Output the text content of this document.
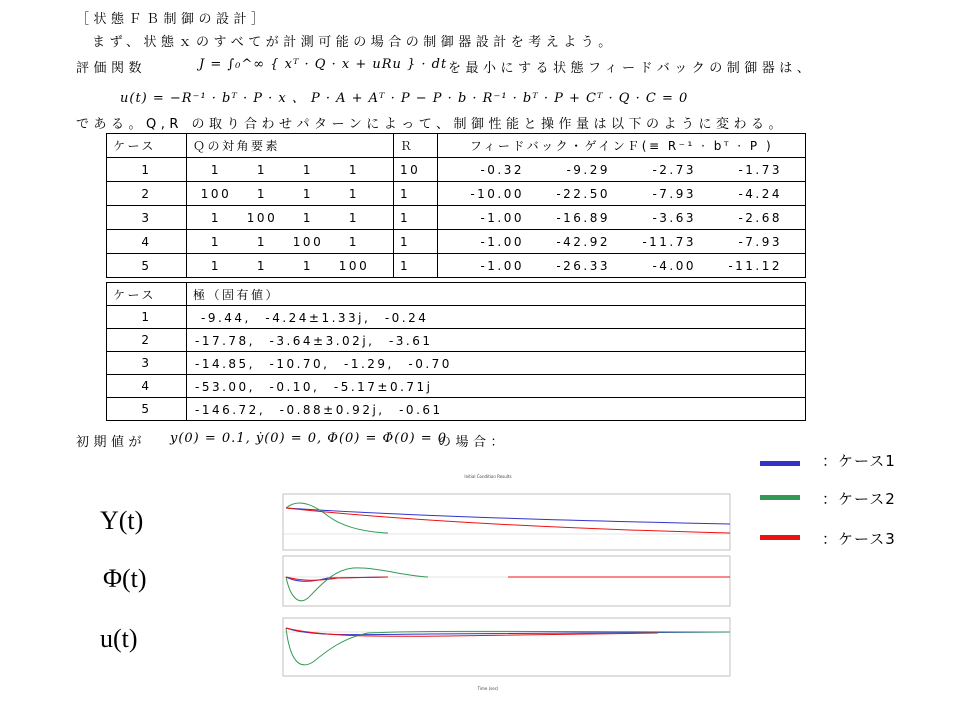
［状態ＦＢ制御の設計］
まず、状態ｘのすべてが計測可能の場合の制御器設計を考えよう。
評価関数	J = ∫₀^∞ { xᵀ · Q · x + uRu } · dt を最小にする状態フィードバックの制御器は、
u(t) = −R⁻¹ · bᵀ · P · x 、 P · A + Aᵀ · P − P · b · R⁻¹ · bᵀ · P + Cᵀ · Q · C = 0
である。Q,R の取り合わせパターンによって、制御性能と操作量は以下のように変わる。
ケース	Ｑの対角要素	Ｒ	フィードバック・ゲインＦ(≡ R⁻¹ · bᵀ · P )
1	1 1 1 1	10	-0.32 -9.29 -2.73 -1.73
2	100 1 1 1	1	-10.00 -22.50 -7.93 -4.24
3	1 100 1 1	1	-1.00 -16.89 -3.63 -2.68
4	1 1 100 1	1	-1.00 -42.92 -11.73 -7.93
5	1 1 1 100	1	-1.00 -26.33 -4.00 -11.12
ケース	極（固有値）
1	-9.44,　-4.24±1.33j,　-0.24
2	-17.78,　-3.64±3.02j,　-3.61
3	-14.85,　-10.70,　-1.29,　-0.70
4	-53.00,　-0.10,　-5.17±0.71j
5	-146.72,　-0.88±0.92j,　-0.61
初期値が y(0) = 0.1, ẏ(0) = 0, Φ(0) = Φ̇(0) = 0
の場合：
Y(t)
Φ(t)
u(t)
：ケース1
：ケース2
：ケース3
Initial Condition Results
Time (sec)
